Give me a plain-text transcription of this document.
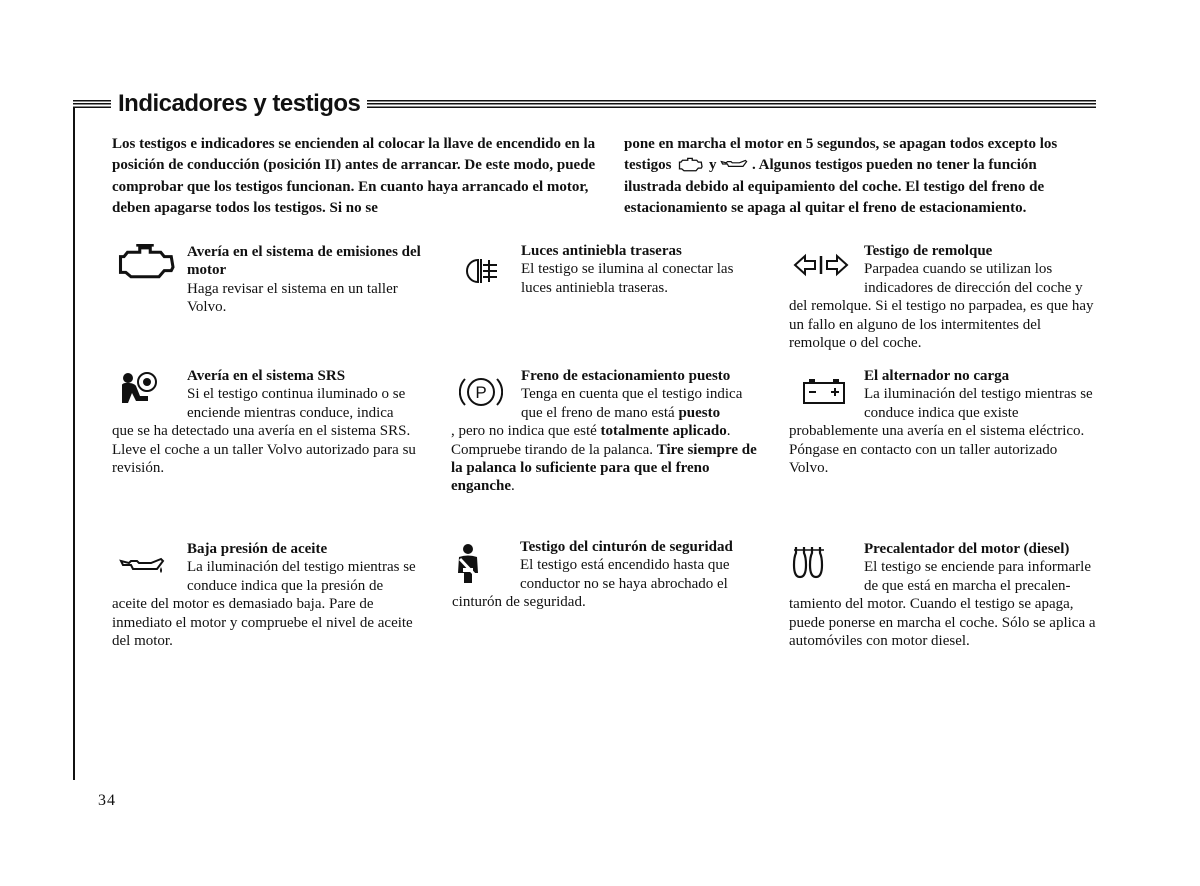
Indicadores y testigos

Los testigos e indicadores se encienden al colocar la llave de encendido en la posición de conducción (posición II) antes de arrancar. De este modo, puede comprobar que los testigos funcionan. En cuanto haya arrancado el motor, deben apagarse todos los testigos. Si no se

pone en marcha el motor en 5 segundos, se apagan todos excepto los testigos	y . Algunos testigos pueden no tener la función ilustrada debido al equipamiento del coche. El testigo del freno de estacionamiento se apaga al quitar el freno de estacionamiento.

Avería en el sistema de emisiones del motor
Haga revisar el sistema en un taller Volvo.
Luces antiniebla traseras
El testigo se ilumina al conectar las luces antiniebla traseras.
Testigo de remolque
Parpadea cuando se utilizan los indicadores de dirección del coche y
del remolque. Si el testigo no parpadea, es que hay un fallo en alguno de los intermitentes del remolque o del coche.
Avería en el sistema SRS
Si el testigo continua iluminado o se enciende mientras conduce, indica
que se ha detectado una avería en el sistema SRS. Lleve el coche a un taller Volvo autorizado para su revisión.
P
Freno de estacionamiento puesto
Tenga en cuenta que el testigo indica que el freno de mano está puesto
, pero no indica que esté totalmente aplicado. Compruebe tirando de la palanca. Tire siempre de la palanca lo suficiente para que el freno enganche.
El alternador no carga
La iluminación del testigo mientras se conduce indica que existe
probablemente una avería en el sistema eléctrico. Póngase en contacto con un taller autorizado Volvo.
Baja presión de aceite
La iluminación del testigo mientras se conduce indica que la presión de
aceite del motor es demasiado baja. Pare de inmediato el motor y compruebe el nivel de aceite del motor.
Testigo del cinturón de seguridad
El testigo está encendido hasta que conductor no se haya abrochado el
cinturón de seguridad.
Precalentador del motor (diesel)
El testigo se enciende para informarle de que está en marcha el precalen-
tamiento del motor. Cuando el testigo se apaga, puede ponerse en marcha el coche. Sólo se aplica a automóviles con motor diesel.
34
